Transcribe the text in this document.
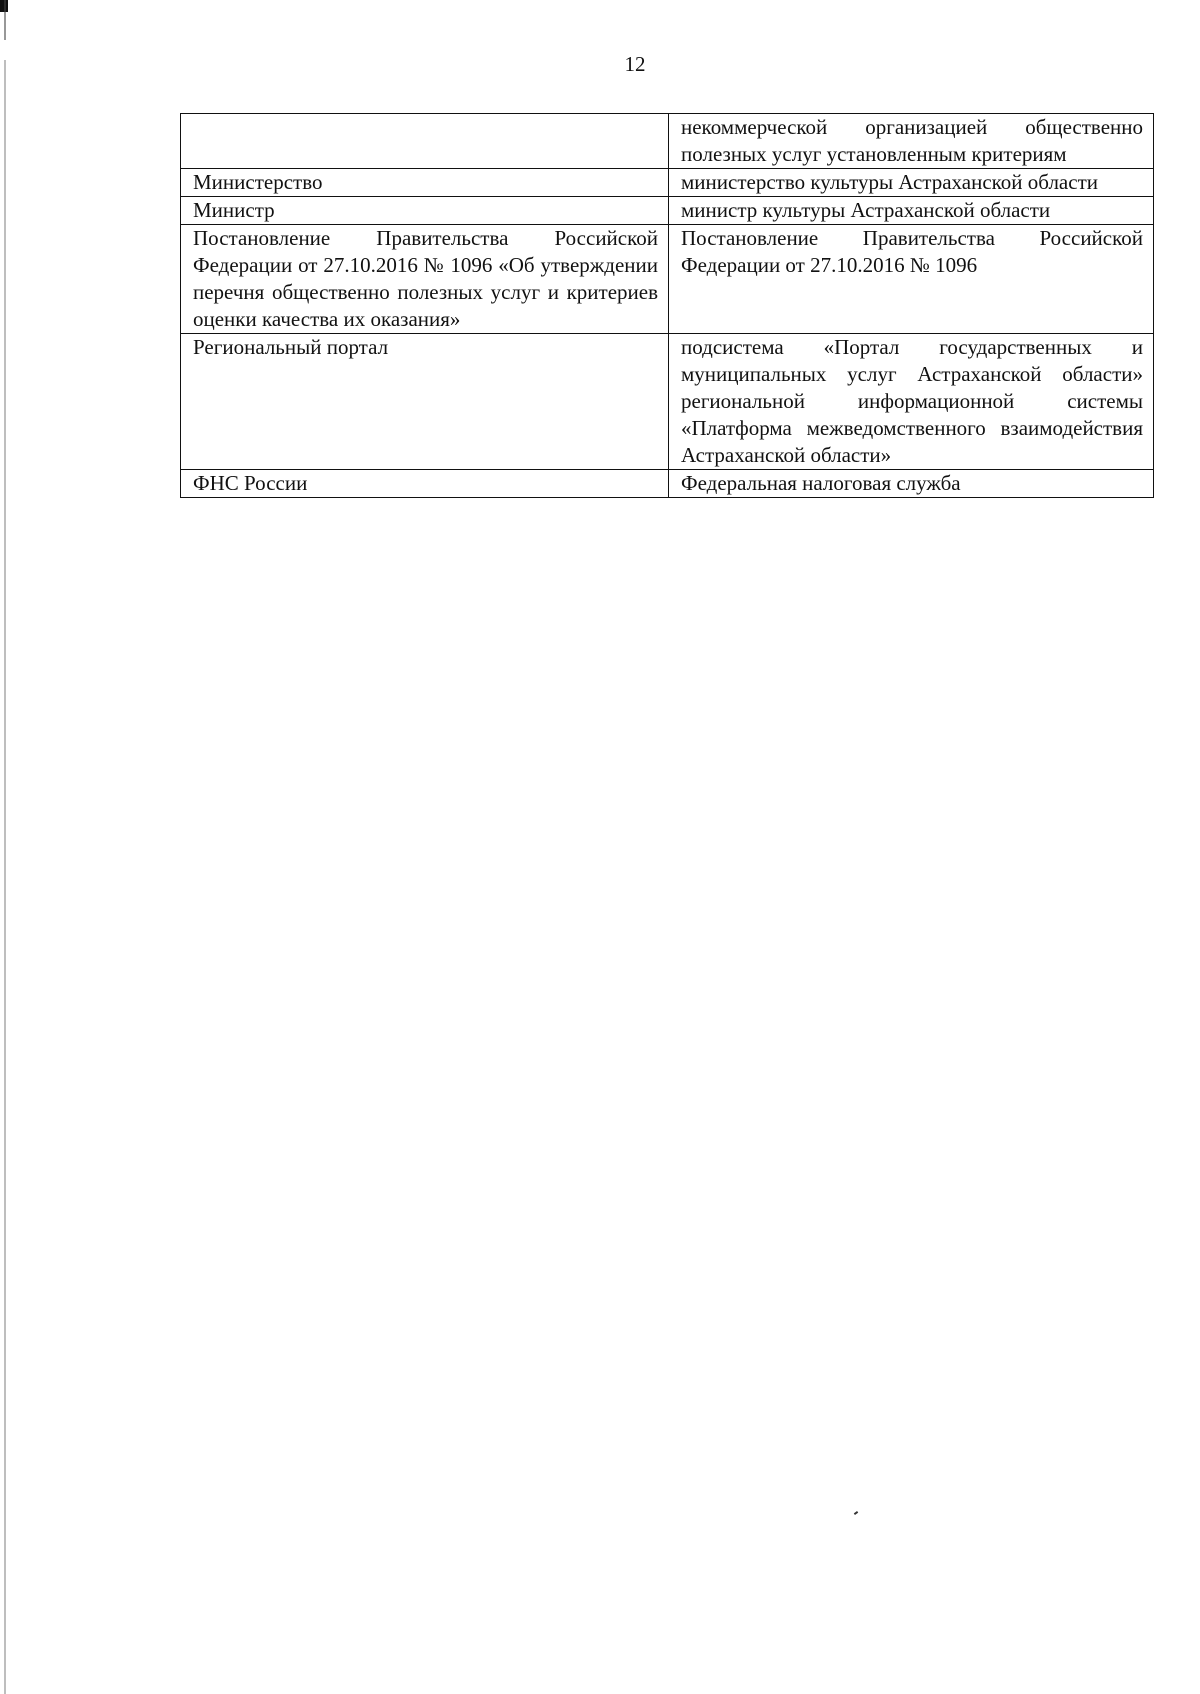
12
	некоммерческой организацией общественно полезных услуг установленным критериям
Министерство	министерство культуры Астраханской области
Министр	министр культуры Астраханской области
Постановление Правительства Российской Федерации от 27.10.2016 № 1096 «Об утверждении перечня общественно полезных услуг и критериев оценки качества их оказания»	Постановление Правительства Российской Федерации от 27.10.2016 № 1096
Региональный портал	подсистема «Портал государственных и муниципальных услуг Астраханской области» региональной информационной системы «Платформа межведомственного взаимодействия Астраханской области»
ФНС России	Федеральная налоговая служба
